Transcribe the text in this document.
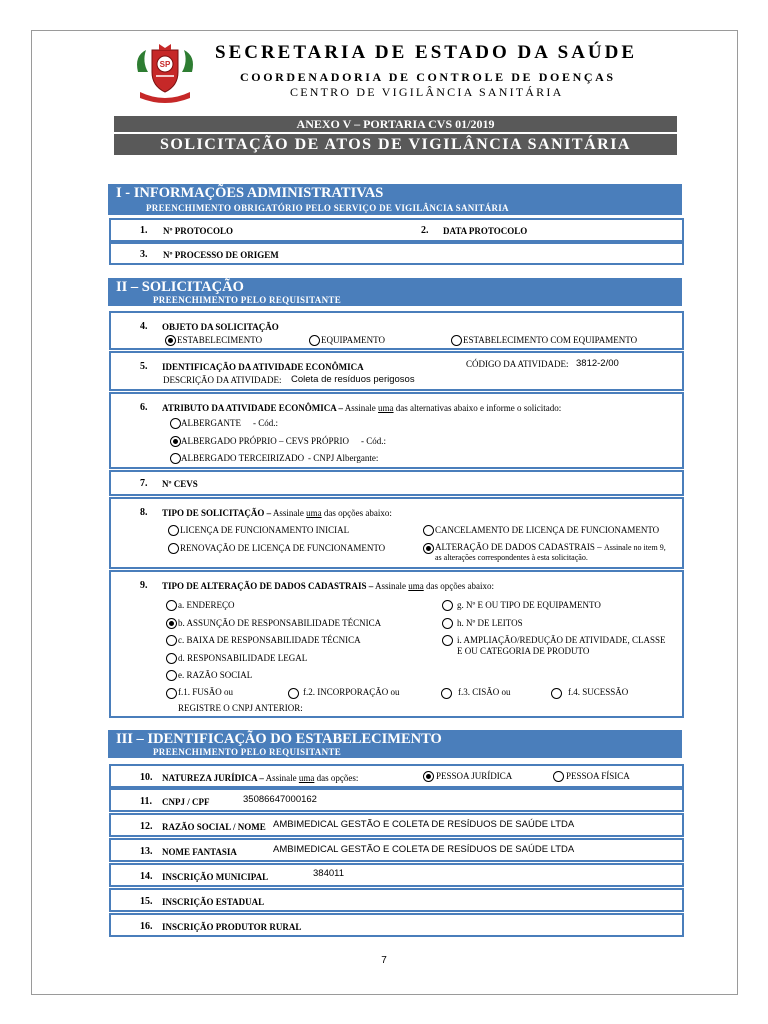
SP
SECRETARIA DE ESTADO DA SAÚDE
COORDENADORIA DE CONTROLE DE DOENÇAS
CENTRO DE VIGILÂNCIA SANITÁRIA
ANEXO V – PORTARIA CVS 01/2019
SOLICITAÇÃO DE ATOS DE VIGILÂNCIA SANITÁRIA
I - INFORMAÇÕES ADMINISTRATIVAS
PREENCHIMENTO OBRIGATÓRIO PELO SERVIÇO DE VIGILÂNCIA SANITÁRIA
1. Nº PROTOCOLO	2. DATA PROTOCOLO
3. Nº PROCESSO DE ORIGEM
II – SOLICITAÇÃO
PREENCHIMENTO PELO REQUISITANTE
4. OBJETO DA SOLICITAÇÃO
ESTABELECIMENTO	EQUIPAMENTO	ESTABELECIMENTO COM EQUIPAMENTO
5. IDENTIFICAÇÃO DA ATIVIDADE ECONÔMICA	CÓDIGO DA ATIVIDADE: 3812-2/00
DESCRIÇÃO DA ATIVIDADE: Coleta de resíduos perigosos
6. ATRIBUTO DA ATIVIDADE ECONÔMICA – Assinale uma das alternativas abaixo e informe o solicitado:
ALBERGANTE - Cód.:
ALBERGADO PRÓPRIO – CEVS PRÓPRIO - Cód.:
ALBERGADO TERCEIRIZADO - CNPJ Albergante:
7. Nº CEVS
8. TIPO DE SOLICITAÇÃO – Assinale uma das opções abaixo:
LICENÇA DE FUNCIONAMENTO INICIAL	CANCELAMENTO DE LICENÇA DE FUNCIONAMENTO
RENOVAÇÃO DE LICENÇA DE FUNCIONAMENTO	ALTERAÇÃO DE DADOS CADASTRAIS – Assinale no item 9,
as alterações correspondentes à esta solicitação.
9. TIPO DE ALTERAÇÃO DE DADOS CADASTRAIS – Assinale uma das opções abaixo:
a. ENDEREÇO
b. ASSUNÇÃO DE RESPONSABILIDADE TÉCNICA
c. BAIXA DE RESPONSABILIDADE TÉCNICA
d. RESPONSABILIDADE LEGAL
e. RAZÃO SOCIAL
f.1. FUSÃO ou	f.2. INCORPORAÇÃO ou	f.3. CISÃO ou	f.4. SUCESSÃO
REGISTRE O CNPJ ANTERIOR:
g. Nº E OU TIPO DE EQUIPAMENTO
h. Nº DE LEITOS
i. AMPLIAÇÃO/REDUÇÃO DE ATIVIDADE, CLASSE
E OU CATEGORIA DE PRODUTO
III – IDENTIFICAÇÃO DO ESTABELECIMENTO
PREENCHIMENTO PELO REQUISITANTE
10. NATUREZA JURÍDICA – Assinale uma das opções:	PESSOA JURÍDICA	PESSOA FÍSICA
11. CNPJ / CPF	35086647000162
12. RAZÃO SOCIAL / NOME AMBIMEDICAL GESTÃO E COLETA DE RESÍDUOS DE SAÚDE LTDA
13. NOME FANTASIA	AMBIMEDICAL GESTÃO E COLETA DE RESÍDUOS DE SAÚDE LTDA
14. INSCRIÇÃO MUNICIPAL	384011
15. INSCRIÇÃO ESTADUAL
16. INSCRIÇÃO PRODUTOR RURAL
7
